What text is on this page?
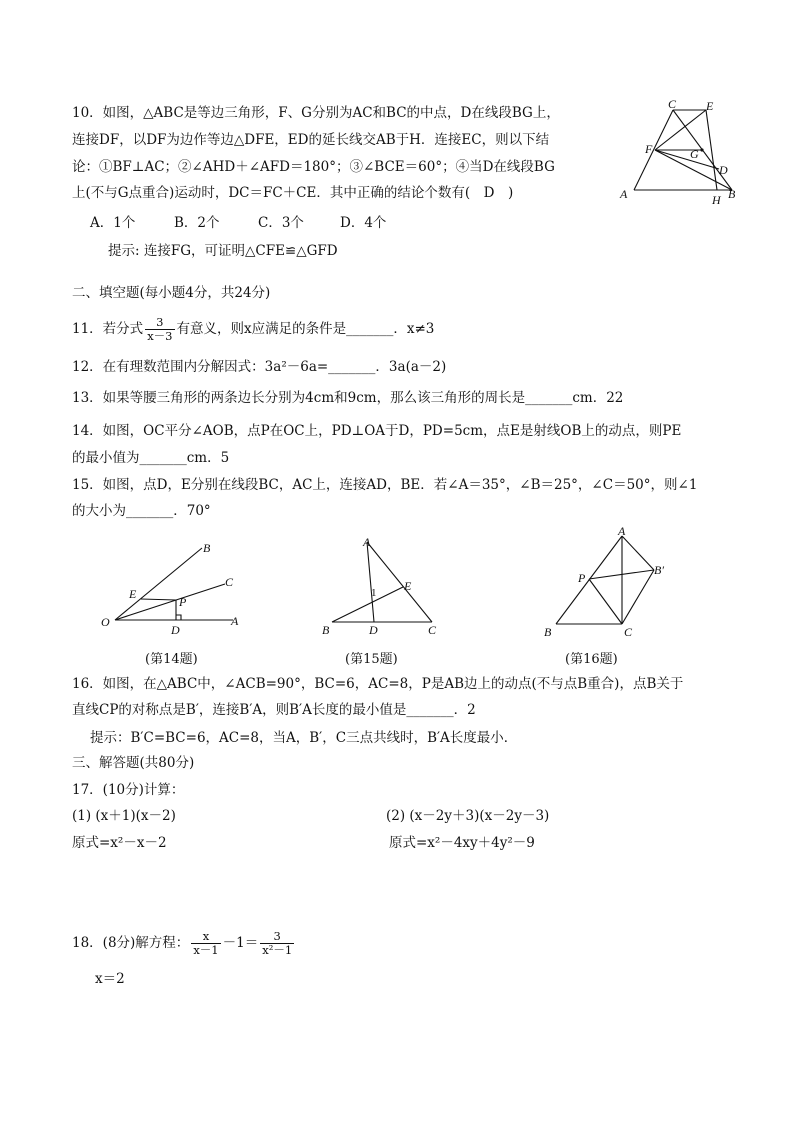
10．如图，△ABC是等边三角形，F、G分别为AC和BC的中点，D在线段BG上，
连接DF，以DF为边作等边△DFE，ED的延长线交AB于H．连接EC，则以下结
论：①BF⊥AC；②∠AHD＋∠AFD＝180°；③∠BCE＝60°；④当D在线段BG
上(不与G点重合)运动时，DC＝FC＋CE．其中正确的结论个数有(　D　)
A．1个	B．2个	C．3个	D．4个
提示: 连接FG，可证明△CFE≌△GFD
C E
F	G
D
A	H B
二、填空题(每小题4分，共24分)
11．若分式 $\frac{3}{x-3}$ 有意义，则x应满足的条件是_______．x≠3
12．在有理数范围内分解因式：3a²－6a=_______．3a(a－2)
13．如果等腰三角形的两条边长分别为4cm和9cm，那么该三角形的周长是_______cm．22
14．如图，OC平分∠AOB，点P在OC上，PD⊥OA于D，PD=5cm，点E是射线OB上的动点，则PE
的最小值为_______cm．5
15．如图，点D，E分别在线段BC，AC上，连接AD，BE．若∠A＝35°，∠B＝25°，∠C＝50°，则∠1
的大小为_______．70°
B
C
E
P
O
D
A
(第14题)
A
E
1
B	D	C
(第15题)
A
P
B′
B	C
(第16题)
16．如图，在△ABC中，∠ACB=90°，BC=6，AC=8，P是AB边上的动点(不与点B重合)，点B关于
直线CP的对称点是B′，连接B′A，则B′A长度的最小值是_______．2
提示：B′C=BC=6，AC=8，当A，B′，C三点共线时，B′A长度最小．
三、解答题(共80分)
17．(10分)计算：
(1) (x＋1)(x－2)
原式=x²－x－2
(2) (x－2y＋3)(x－2y－3)
原式=x²－4xy＋4y²－9
18．(8分)解方程： $\frac{x}{x-1} -1= \frac{3}{\text{x²－1}}$
x＝2
